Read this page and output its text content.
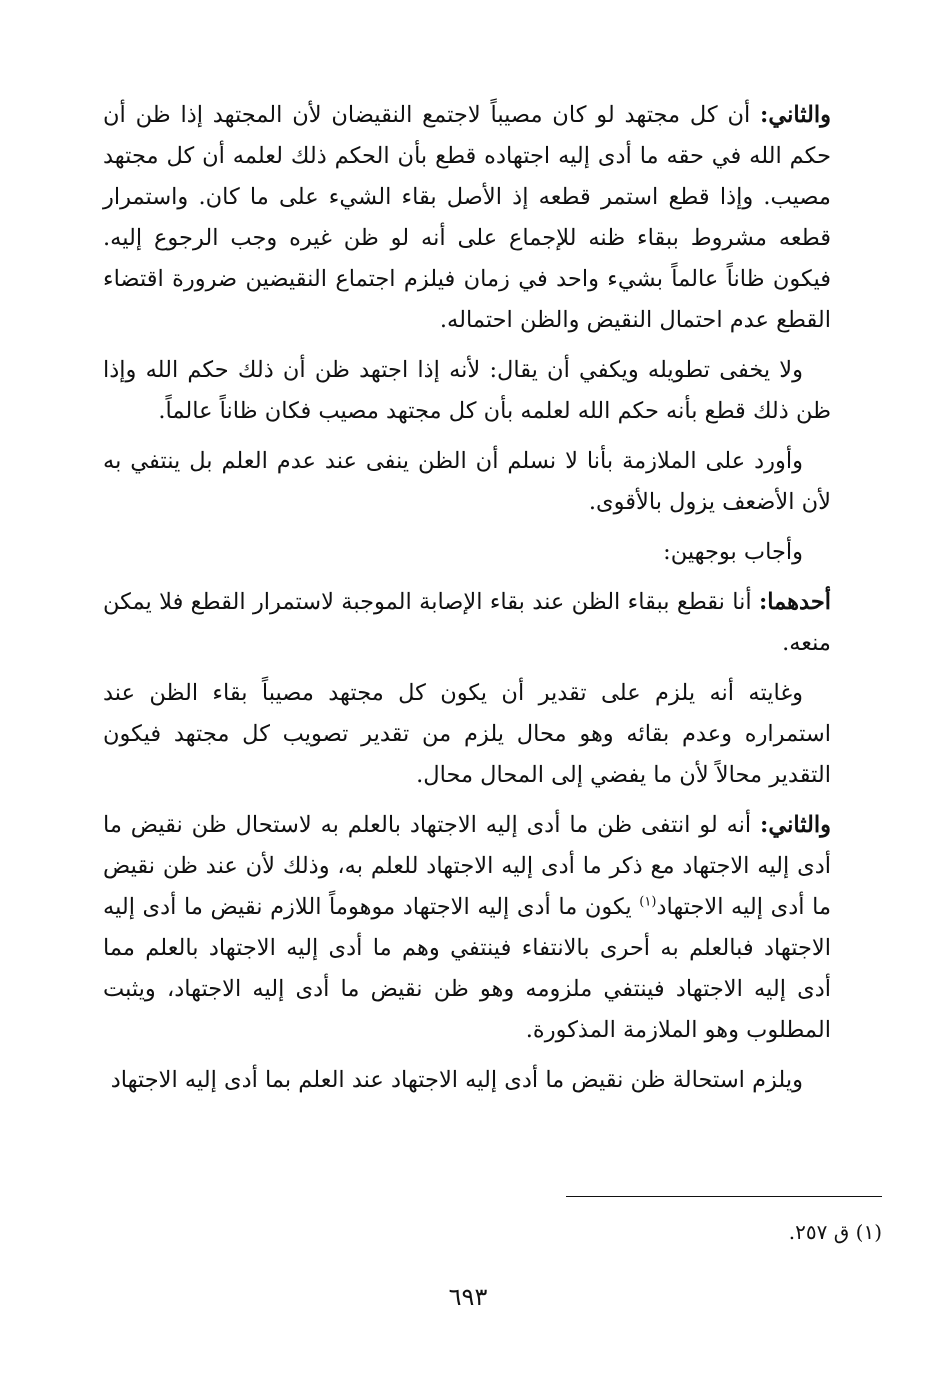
والثاني: أن كل مجتهد لو كان مصيباً لاجتمع النقيضان لأن المجتهد إذا ظن أن حكم الله في حقه ما أدى إليه اجتهاده قطع بأن الحكم ذلك لعلمه أن كل مجتهد مصيب. وإذا قطع استمر قطعه إذ الأصل بقاء الشيء على ما كان. واستمرار قطعه مشروط ببقاء ظنه للإجماع على أنه لو ظن غيره وجب الرجوع إليه. فيكون ظاناً عالماً بشيء واحد في زمان فيلزم اجتماع النقيضين ضرورة اقتضاء القطع عدم احتمال النقيض والظن احتماله.

ولا يخفى تطويله ويكفي أن يقال: لأنه إذا اجتهد ظن أن ذلك حكم الله وإذا ظن ذلك قطع بأنه حكم الله لعلمه بأن كل مجتهد مصيب فكان ظاناً عالماً.

وأورد على الملازمة بأنا لا نسلم أن الظن ينفى عند عدم العلم بل ينتفي به لأن الأضعف يزول بالأقوى.

وأجاب بوجهين:

أحدهما: أنا نقطع ببقاء الظن عند بقاء الإصابة الموجبة لاستمرار القطع فلا يمكن منعه.

وغايته أنه يلزم على تقدير أن يكون كل مجتهد مصيباً بقاء الظن عند استمراره وعدم بقائه وهو محال يلزم من تقدير تصويب كل مجتهد فيكون التقدير محالاً لأن ما يفضي إلى المحال محال.

والثاني: أنه لو انتفى ظن ما أدى إليه الاجتهاد بالعلم به لاستحال ظن نقيض ما أدى إليه الاجتهاد مع ذكر ما أدى إليه الاجتهاد للعلم به، وذلك لأن عند ظن نقيض ما أدى إليه الاجتهاد$^{(١)}$ يكون ما أدى إليه الاجتهاد موهوماً اللازم نقيض ما أدى إليه الاجتهاد فبالعلم به أحرى بالانتفاء فينتفي وهم ما أدى إليه الاجتهاد بالعلم مما أدى إليه الاجتهاد فينتفي ملزومه وهو ظن نقيض ما أدى إليه الاجتهاد، ويثبت المطلوب وهو الملازمة المذكورة.

ويلزم استحالة ظن نقيض ما أدى إليه الاجتهاد عند العلم بما أدى إليه الاجتهاد

(١) ق ٢٥٧.
٦٩٣
